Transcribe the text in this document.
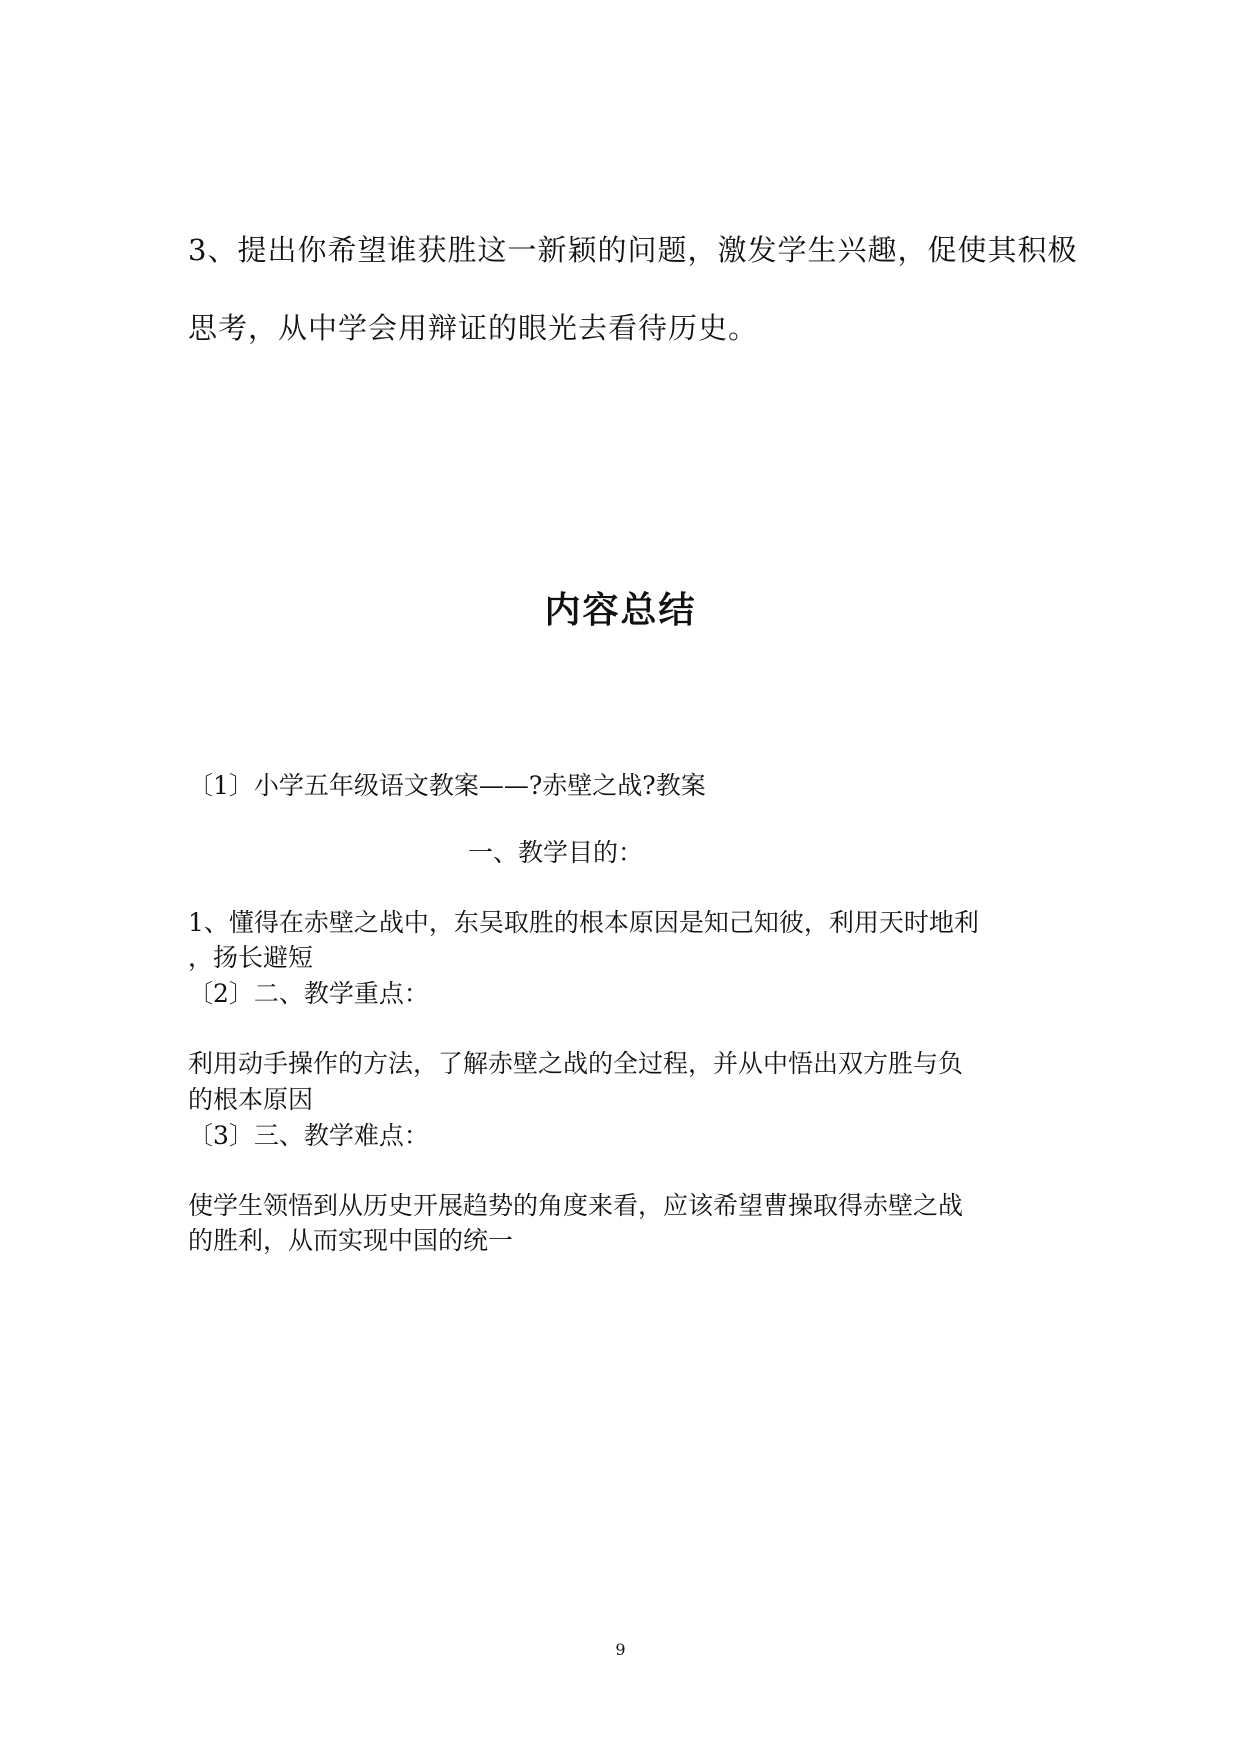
3、提出你希望谁获胜这一新颖的问题，激发学生兴趣，促使其积极
思考，从中学会用辩证的眼光去看待历史。
内容总结
〔1〕小学五年级语文教案——?赤壁之战?教案
一、教学目的：
1、懂得在赤壁之战中，东吴取胜的根本原因是知己知彼，利用天时地利
，扬长避短
〔2〕二、教学重点：
利用动手操作的方法，了解赤壁之战的全过程，并从中悟出双方胜与负
的根本原因
〔3〕三、教学难点：
使学生领悟到从历史开展趋势的角度来看，应该希望曹操取得赤壁之战
的胜利，从而实现中国的统一
9
